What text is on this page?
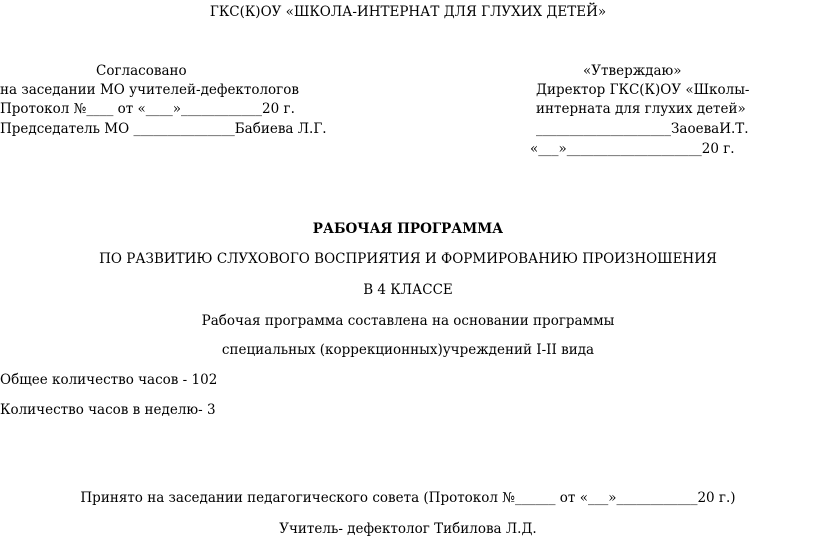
ГКС(К)ОУ «ШКОЛА-ИНТЕРНАТ ДЛЯ ГЛУХИХ ДЕТЕЙ»
Согласовано
на заседании МО учителей-дефектологов
Протокол №____ от «____»____________20 г.
Председатель МО _______________Бабиева Л.Г.
«Утверждаю»
Директор ГКС(К)ОУ «Школы-
интерната для глухих детей»
____________________ЗаоеваИ.Т.
«___»____________________20 г.
РАБОЧАЯ ПРОГРАММА
ПО РАЗВИТИЮ СЛУХОВОГО ВОСПРИЯТИЯ И ФОРМИРОВАНИЮ ПРОИЗНОШЕНИЯ
В 4 КЛАССЕ
Рабочая программа составлена на основании программы
специальных (коррекционных)учреждений I-II вида
Общее количество часов - 102
Количество часов в неделю- 3
Принято на заседании педагогического совета (Протокол №______ от «___»____________20 г.)
Учитель- дефектолог Тибилова Л.Д.
